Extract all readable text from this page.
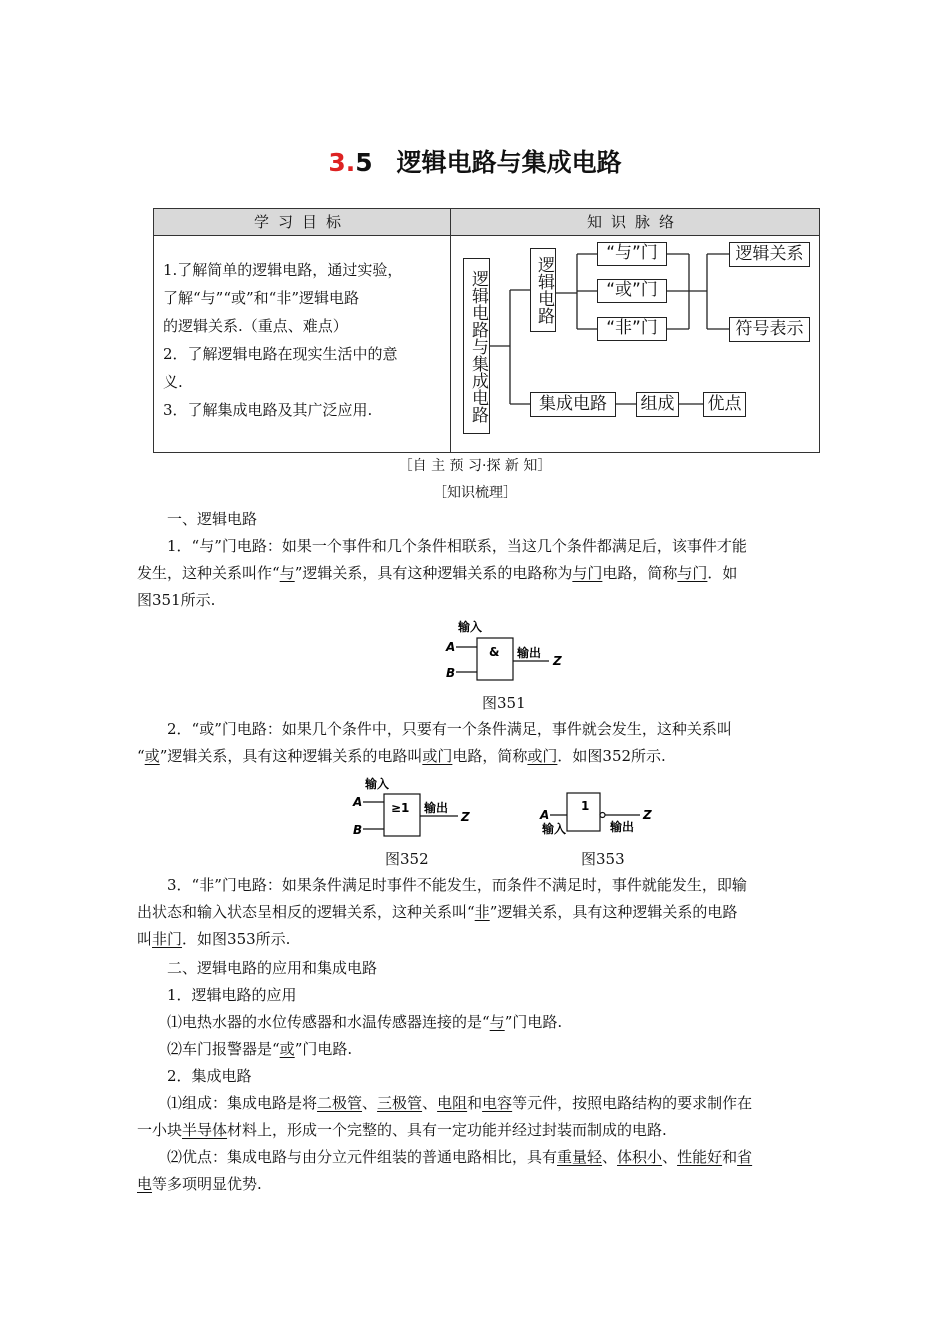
3.5 逻辑电路与集成电路
学习目标	知识脉络

1.了解简单的逻辑电路，通过实验，

了解“与”“或”和“非”逻辑电路

的逻辑关系.（重点、难点）

2．了解逻辑电路在现实生活中的意

义.

3．了解集成电路及其广泛应用.	逻辑电路与集成电路	逻辑电路
“与”门
“或”门
“非”门
逻辑关系
符号表示
集成电路	组成 优点
［自 主 预 习·探 新 知］
［知识梳理］

一、逻辑电路

1．“与”门电路：如果一个事件和几个条件相联系，当这几个条件都满足后，该事件才能

发生，这种关系叫作“与”逻辑关系，具有这种逻辑关系的电路称为与门电路，简称与门．如

图351所示.

输入
A
B
& 输出
Z
图351

2．“或”门电路：如果几个条件中，只要有一个条件满足，事件就会发生，这种关系叫

“或”逻辑关系，具有这种逻辑关系的电路叫或门电路，简称或门．如图352所示.

输入
A
B
≥1 输出
Z
图352
A
输入
1
输出
Z
图353

3．“非”门电路：如果条件满足时事件不能发生，而条件不满足时，事件就能发生，即输

出状态和输入状态呈相反的逻辑关系，这种关系叫“非”逻辑关系，具有这种逻辑关系的电路

叫非门．如图353所示.

二、逻辑电路的应用和集成电路

1．逻辑电路的应用

⑴电热水器的水位传感器和水温传感器连接的是“与”门电路.

⑵车门报警器是“或”门电路.

2．集成电路

⑴组成：集成电路是将二极管、三极管、电阻和电容等元件，按照电路结构的要求制作在

一小块半导体材料上，形成一个完整的、具有一定功能并经过封装而制成的电路.

⑵优点：集成电路与由分立元件组装的普通电路相比，具有重量轻、体积小、性能好和省

电等多项明显优势.
